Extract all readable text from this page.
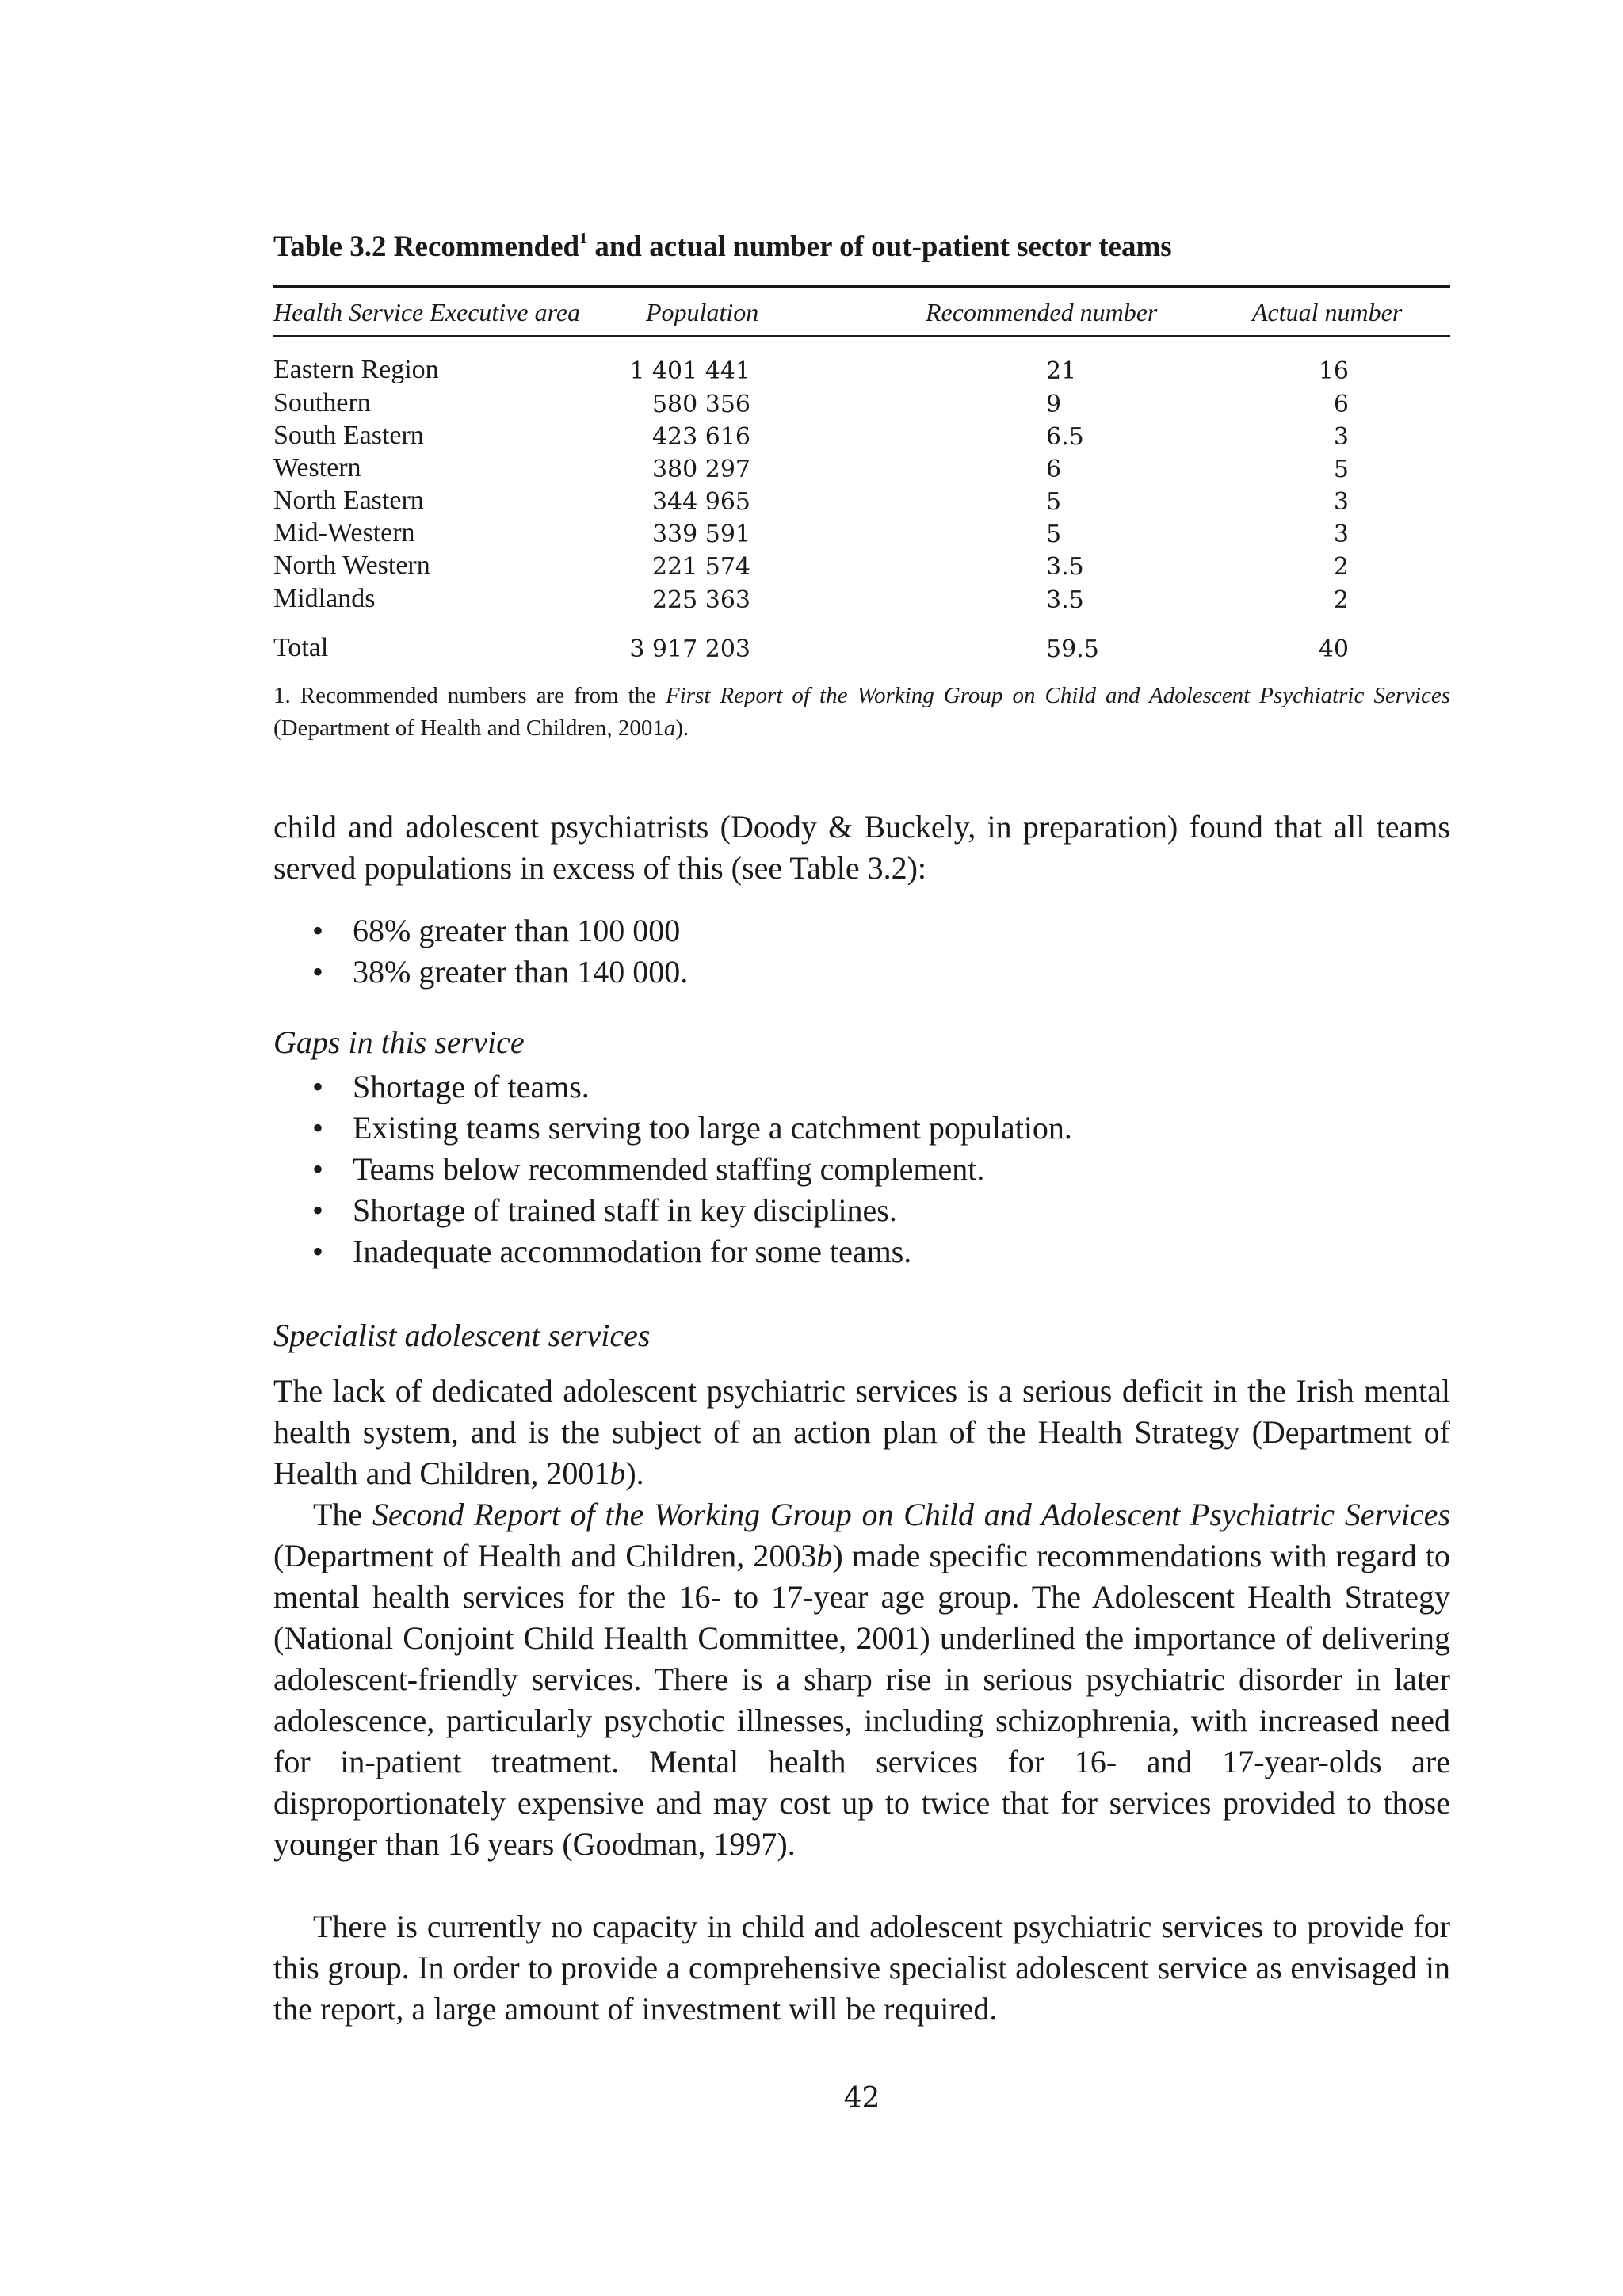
Table 3.2 Recommended$^1$ and actual number of out-patient sector teams
Health Service Executive area	Population	Recommended number	Actual number
Eastern Region	1 401 441	21	16
Southern	580 356	9	6
South Eastern	423 616	6.5	3
Western	380 297	6	5
North Eastern	344 965	5	3
Mid-Western	339 591	5	3
North Western	221 574	3.5	2
Midlands	225 363	3.5	2
Total	3 917 203	59.5	40
1. Recommended numbers are from the First Report of the Working Group on Child and Adolescent Psychiatric Services (Department of Health and Children, 2001a).
child and adolescent psychiatrists (Doody & Buckely, in preparation) found that all teams served populations in excess of this (see Table 3.2):
• 68% greater than 100 000
• 38% greater than 140 000.
Gaps in this service
• Shortage of teams.
• Existing teams serving too large a catchment population.
• Teams below recommended staffing complement.
• Shortage of trained staff in key disciplines.
• Inadequate accommodation for some teams.
Specialist adolescent services
The lack of dedicated adolescent psychiatric services is a serious deficit in the Irish mental health system, and is the subject of an action plan of the Health Strategy (Department of Health and Children, 2001b).
The Second Report of the Working Group on Child and Adolescent Psychiatric Services (Department of Health and Children, 2003b) made specific recommendations with regard to mental health services for the 16- to 17-year age group. The Adolescent Health Strategy (National Conjoint Child Health Committee, 2001) underlined the importance of delivering adolescent-friendly services. There is a sharp rise in serious psychiatric disorder in later adolescence, particularly psychotic illnesses, including schizophrenia, with increased need for in-patient treatment. Mental health services for 16- and 17-year-olds are disproportionately expensive and may cost up to twice that for services provided to those younger than 16 years (Goodman, 1997).
There is currently no capacity in child and adolescent psychiatric services to provide for this group. In order to provide a comprehensive specialist adolescent service as envisaged in the report, a large amount of investment will be required.
42
